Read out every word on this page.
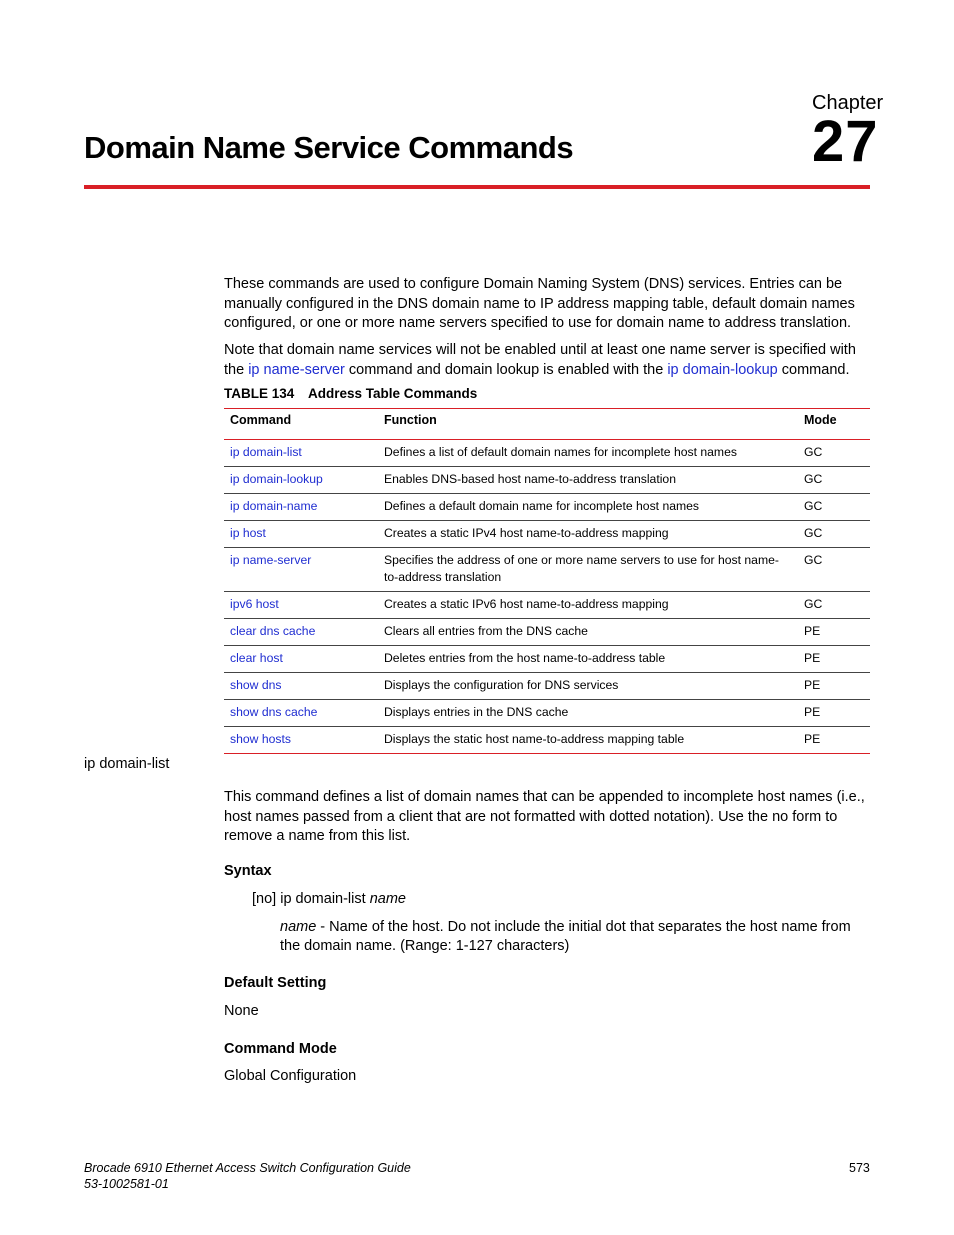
Chapter
27
Domain Name Service Commands
These commands are used to configure Domain Naming System (DNS) services. Entries can be manually configured in the DNS domain name to IP address mapping table, default domain names configured, or one or more name servers specified to use for domain name to address translation.
Note that domain name services will not be enabled until at least one name server is specified with the ip name-server command and domain lookup is enabled with the ip domain-lookup command.
TABLE 134 Address Table Commands
Command	Function	Mode
ip domain-list	Defines a list of default domain names for incomplete host names	GC
ip domain-lookup	Enables DNS-based host name-to-address translation	GC
ip domain-name	Defines a default domain name for incomplete host names	GC
ip host	Creates a static IPv4 host name-to-address mapping	GC
ip name-server	Specifies the address of one or more name servers to use for host name-to-address translation	GC
ipv6 host	Creates a static IPv6 host name-to-address mapping	GC
clear dns cache	Clears all entries from the DNS cache	PE
clear host	Deletes entries from the host name-to-address table	PE
show dns	Displays the configuration for DNS services	PE
show dns cache	Displays entries in the DNS cache	PE
show hosts	Displays the static host name-to-address mapping table	PE
ip domain-list
This command defines a list of domain names that can be appended to incomplete host names (i.e., host names passed from a client that are not formatted with dotted notation). Use the no form to remove a name from this list.
Syntax
[no] ip domain-list name
name - Name of the host. Do not include the initial dot that separates the host name from the domain name. (Range: 1-127 characters)
Default Setting
None
Command Mode
Global Configuration
Brocade 6910 Ethernet Access Switch Configuration Guide
53-1002581-01
573
